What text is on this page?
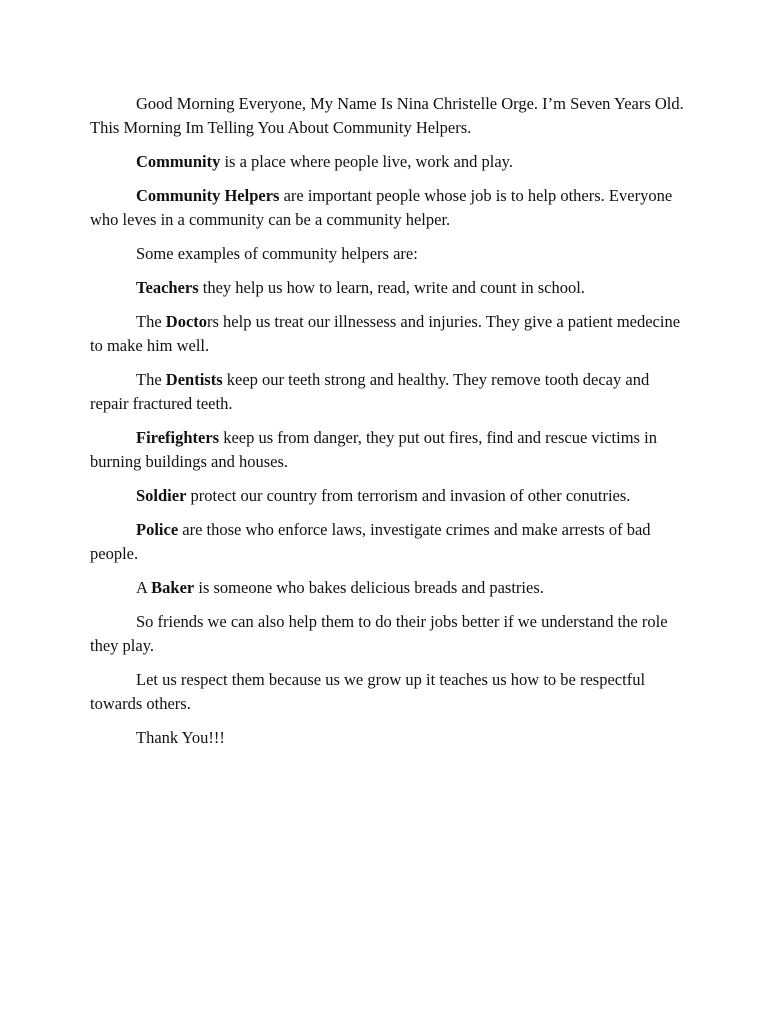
Good Morning Everyone, My Name Is Nina Christelle Orge. I’m Seven Years Old. This Morning Im Telling You About Community Helpers.

Community is a place where people live, work and play.

Community Helpers are important people whose job is to help others. Everyone who leves in a community can be a community helper.

Some examples of community helpers are:

Teachers they help us how to learn, read, write and count in school.

The Doctors help us treat our illnessess and injuries. They give a patient medecine to make him well.

The Dentists keep our teeth strong and healthy. They remove tooth decay and repair fractured teeth.

Firefighters keep us from danger, they put out fires, find and rescue victims in burning buildings and houses.

Soldier protect our country from terrorism and invasion of other conutries.

Police are those who enforce laws, investigate crimes and make arrests of bad people.

A Baker is someone who bakes delicious breads and pastries.

So friends we can also help them to do their jobs better if we understand the role they play.

Let us respect them because us we grow up it teaches us how to be respectful towards others.

Thank You!!!
